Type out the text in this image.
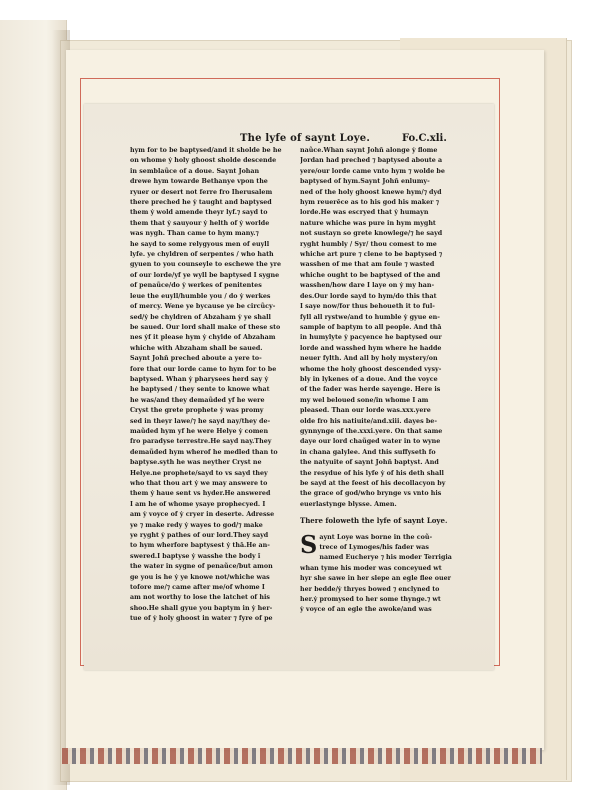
The lyfe of saynt Loye.	Fo.C.xli.
hym for to be baptysed/and it sholde be he
on whome ẏ holy ghoost sholde descende
in semblaũce of a doue. Saynt Johan
drewe hym towarde Bethanye vpon the
ryuer or desert not ferre fro Iherusalem
there preched he ẏ taught and baptysed
them ẏ wold amende theyr lyf.⁊ sayd to
them that ẏ sauyour ẏ helth of ẏ worlde
was nygh. Than came to hym many.⁊
he sayd to some relygyous men of euyll
lyfe. ye chyldren of serpentes / who hath
gyuen to you counseyle to eschewe the yre
of our lorde/yf ye wyll be baptysed I sygne
of penaũce/do ẏ werkes of penitentes
leue the euyll/humble you / do ẏ werkes
of mercy. Wene ye bycause ye be circũcy-
sed/ẏ be chyldren of Abzaham ẏ ye shall
be saued. Our lord shall make of these sto
nes ẏf it please hym ẏ chylde of Abzaham
whiche with Abzaham shall be saued.
Saynt Johñ preched aboute a yere to-
fore that our lorde came to hym for to be
baptysed. Whan ẏ pharysees herd say ẏ
he baptysed / they sente to knowe what
he was/and they demaũded yf he were
Cryst the grete prophete ẏ was promy
sed in theyr lawe/⁊ he sayd nay/they de-
maũded hym yf he were Helye ẏ comen
fro paradyse terrestre.He sayd nay.They
demaũded hym wherof he medled than to
baptyse.syth he was neyther Cryst ne
Helye.ne prophete/sayd to vs sayd they
who that thou art ẏ we may answere to
them ẏ haue sent vs hyder.He answered
I am he of whome ysaye prophecyed. I
am ẏ voyce of ẏ cryer in deserte. Adresse
ye ⁊ make redy ẏ wayes to god/⁊ make
ye ryght ẏ pathes of our lord.They sayd
to hym wherfore baptysest ẏ thā.He an-
swered.I baptyse ẏ wasshe the body ĩ
the water in sygne of penaũce/but amon
ge you is he ẏ ye knowe not/whiche was
tofore me/⁊ came after me/of whome I
am not worthy to lose the latchet of his
shoo.He shall gyue you baptym in ẏ her-
tue of ẏ holy ghoost in water ⁊ fyre of pe
naũce.Whan saynt Johñ alonge ẏ flome
Jordan had preched ⁊ baptysed aboute a
yere/our lorde came vnto hym ⁊ wolde be
baptysed of hym.Saynt Johñ enlumy-
ned of the holy ghoost knewe hym/⁊ dyd
hym reuerēce as to his god his maker ⁊
lorde.He was escryed that ẏ humayn
nature whiche was pure in hym myght
not sustayn so grete knowlege/⁊ he sayd
ryght humbly / Syr/ thou comest to me
whiche art pure ⁊ clene to be baptysed ⁊
wasshen of me that am foule ⁊ wasted
whiche ought to be baptysed of the and
wasshen/how dare I laye on ẏ my han-
des.Our lorde sayd to hym/do this that
I saye now/for thus behoueth it to ful-
fyll all rystwe/and to humble ẏ gyue en-
sample of baptym to all people. And thā
in humylyte ẏ pacyence he baptysed our
lorde and wasshed hym where he hadde
neuer fylth. And all by holy mystery/on
whome the holy ghoost descended vysy-
bly in lykenes of a doue. And the voyce
of the fader was herde sayenge. Here is
my wel beloued sone/in whome I am
pleased. Than our lorde was.xxx.yere
olde fro his natiuite/and.xiii. dayes be-
gynnynge of the.xxxi.yere. On that same
daye our lord chaũged water in to wyne
in chana galylee. And this suffyseth fo
the natyuite of saynt Johñ baptyst. And
the resydue of his lyfe ẏ of his deth shall
be sayd at the feest of his decollacyon by
the grace of god/who brynge vs vnto his
euerlastynge blysse. Amen.
There foloweth the lyfe of saynt Loye.
S aynt Loye was borne in the coũ-
trece of Lymoges/his fader was
named Eucherye ⁊ his moder Terrigia
whan tyme his moder was conceyued wt
hyr she sawe in her slepe an egle flee ouer
her bedde/ẏ thryes bowed ⁊ enclyned to
her.ẏ promysed to her some thynge.⁊ wt
ẏ voyce of an egle the awoke/and was
